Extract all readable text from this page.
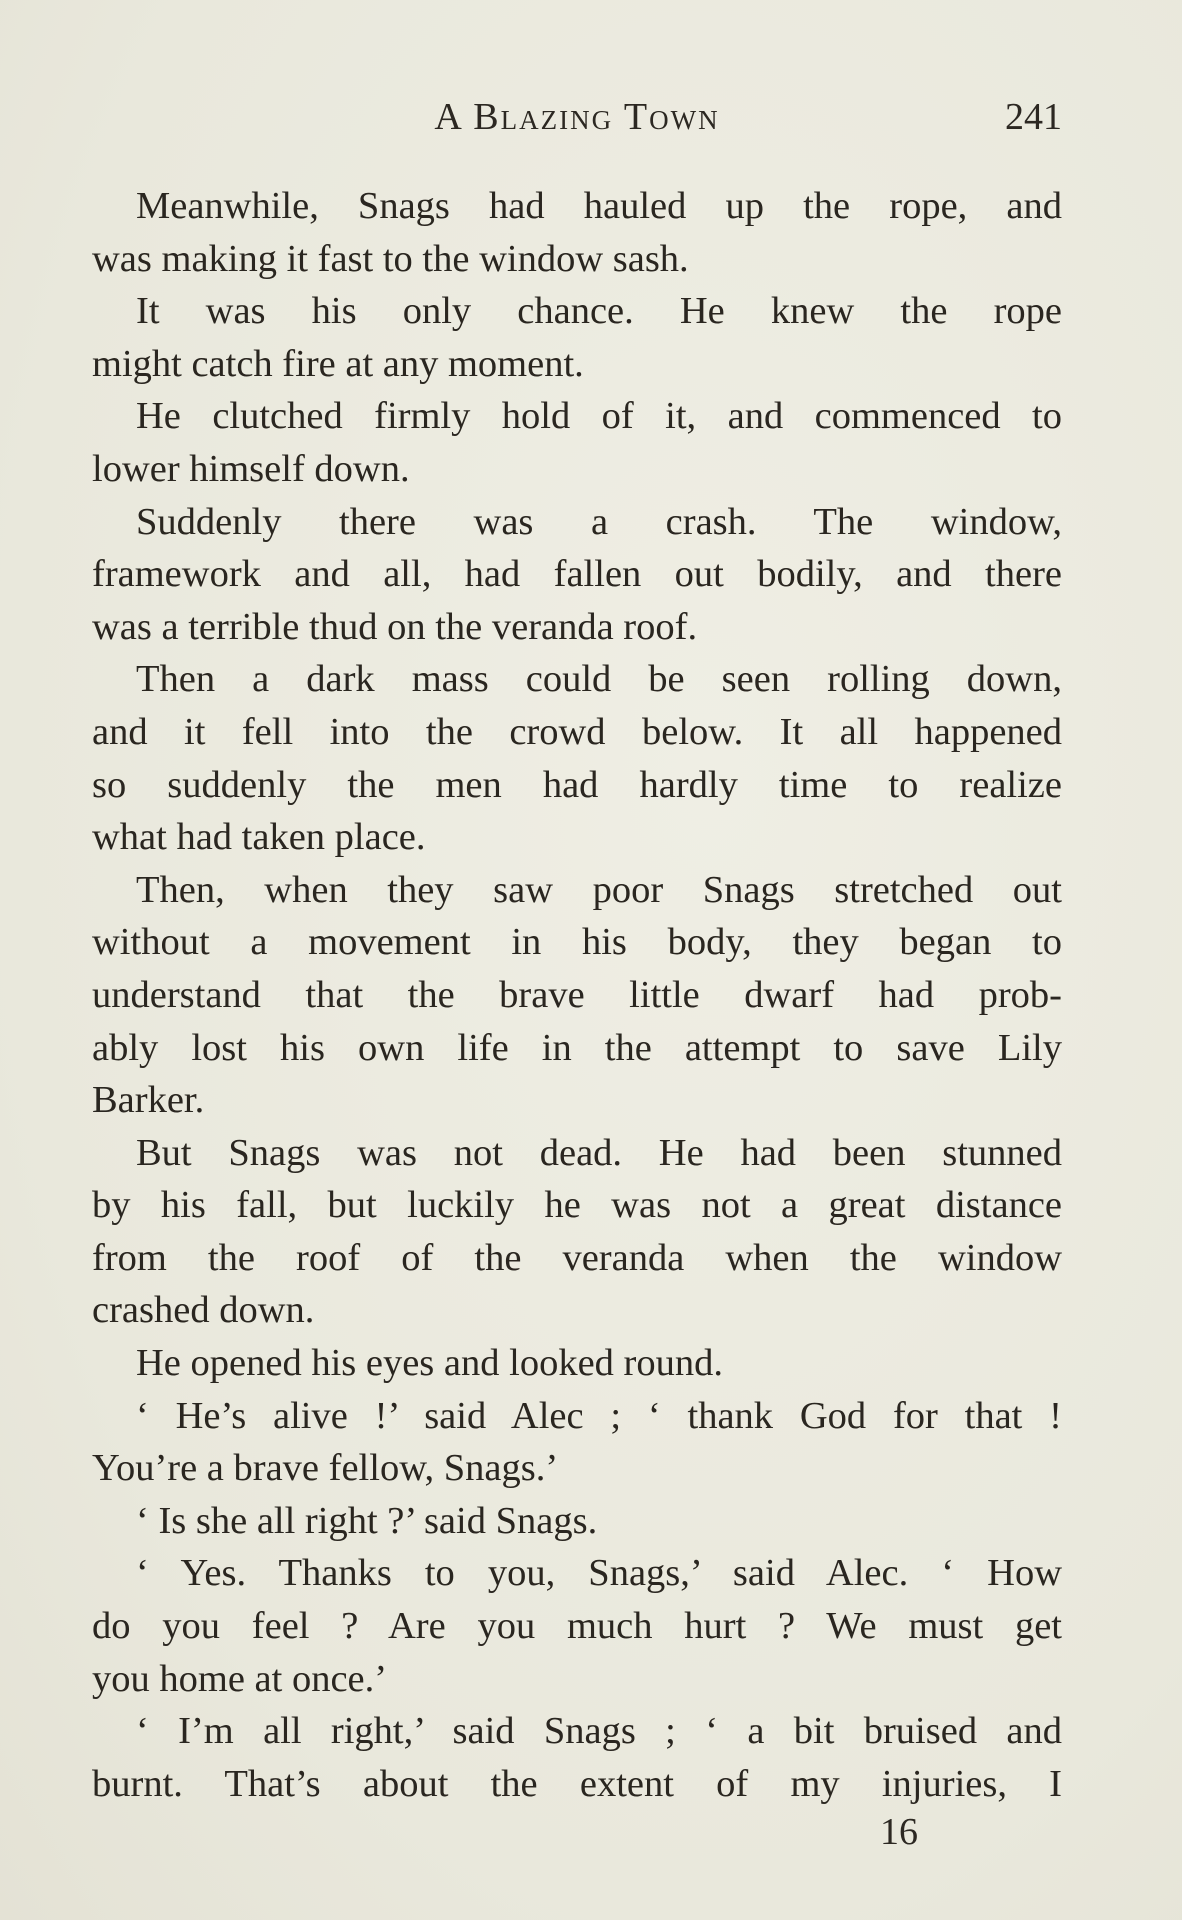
A Blazing Town	241
Meanwhile, Snags had hauled up the rope, and
was making it fast to the window sash.
It was his only chance. He knew the rope
might catch fire at any moment.
He clutched firmly hold of it, and commenced to
lower himself down.
Suddenly there was a crash. The window,
framework and all, had fallen out bodily, and there
was a terrible thud on the veranda roof.
Then a dark mass could be seen rolling down,
and it fell into the crowd below. It all happened
so suddenly the men had hardly time to realize
what had taken place.
Then, when they saw poor Snags stretched out
without a movement in his body, they began to
understand that the brave little dwarf had prob-
ably lost his own life in the attempt to save Lily
Barker.
But Snags was not dead. He had been stunned
by his fall, but luckily he was not a great distance
from the roof of the veranda when the window
crashed down.
He opened his eyes and looked round.
‘ He’s alive !’ said Alec ; ‘ thank God for that !
You’re a brave fellow, Snags.’
‘ Is she all right ?’ said Snags.
‘ Yes. Thanks to you, Snags,’ said Alec. ‘ How
do you feel ? Are you much hurt ? We must get
you home at once.’
‘ I’m all right,’ said Snags ; ‘ a bit bruised and
burnt. That’s about the extent of my injuries, I
16
